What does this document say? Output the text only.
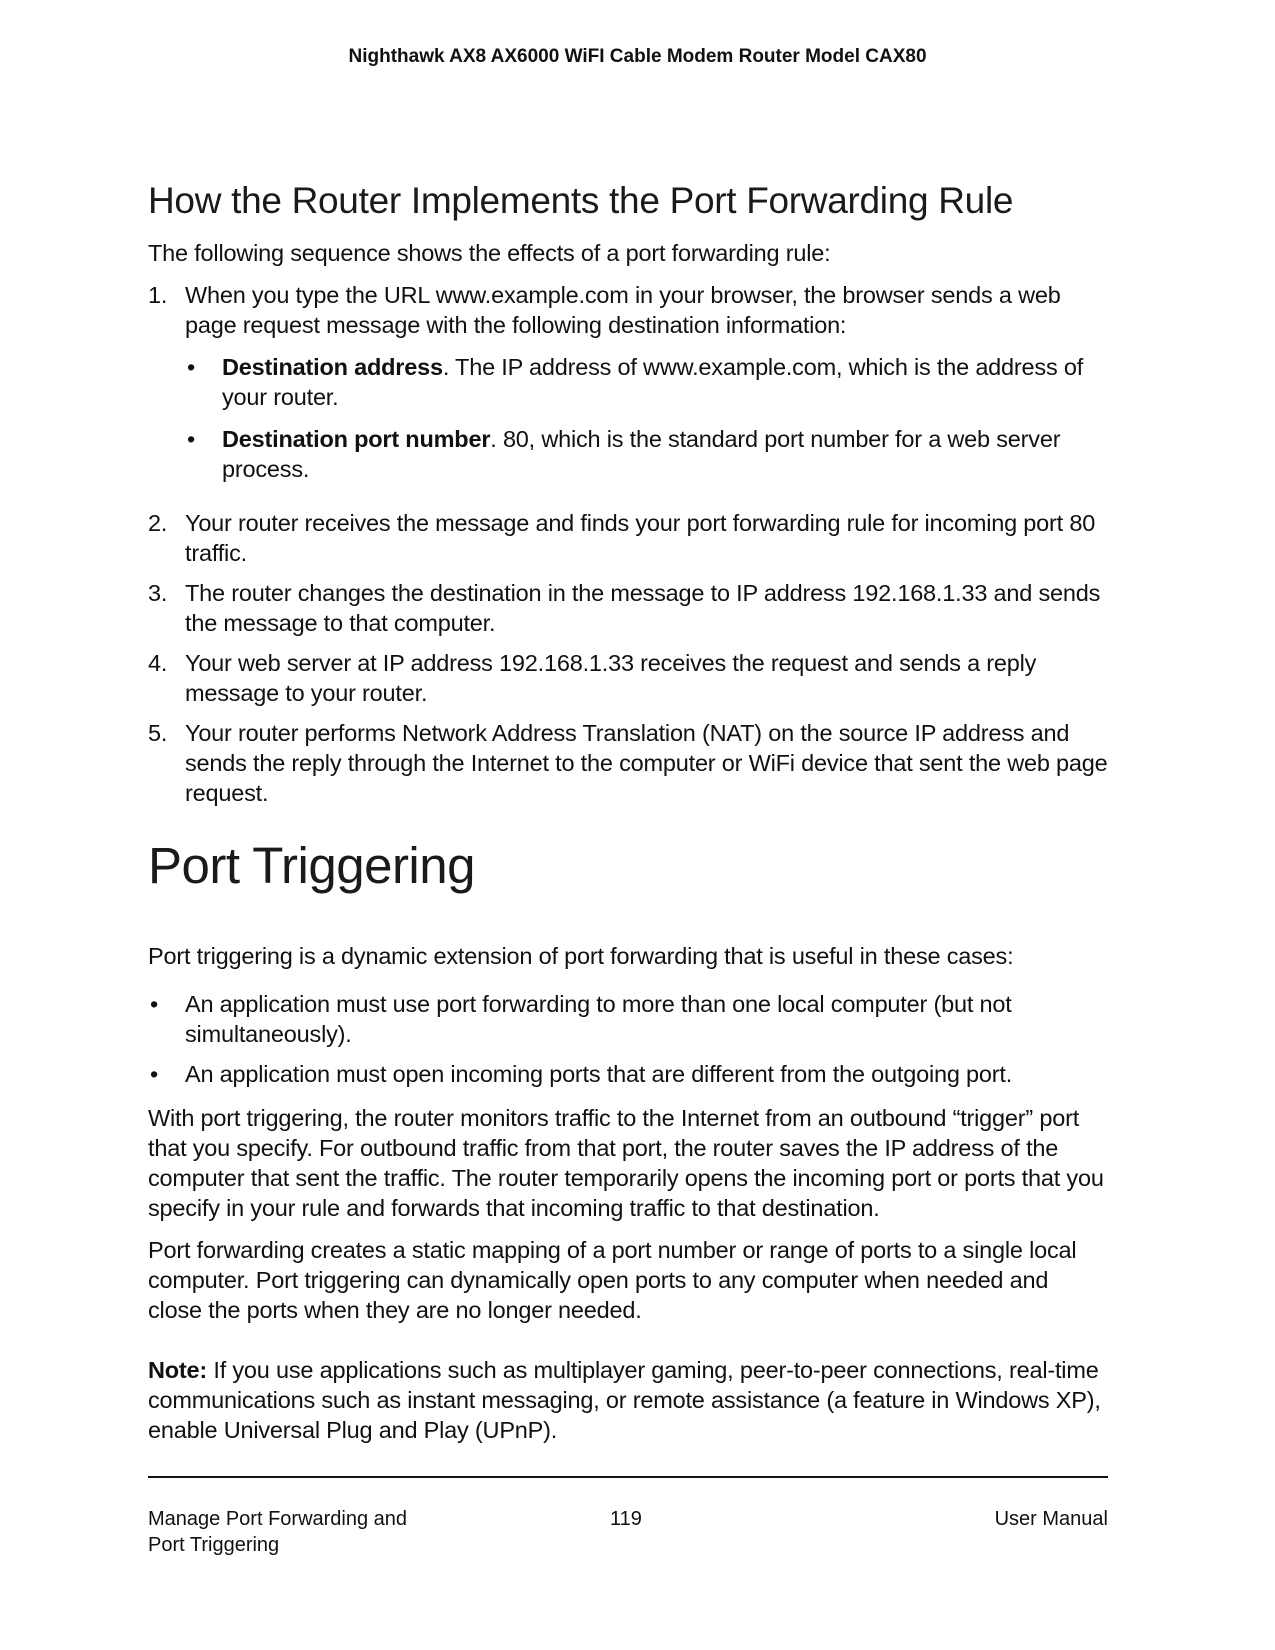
Nighthawk AX8 AX6000 WiFI Cable Modem Router Model CAX80
How the Router Implements the Port Forwarding Rule

The following sequence shows the effects of a port forwarding rule:

1. When you type the URL www.example.com in your browser, the browser sends a web page request message with the following destination information:
• Destination address. The IP address of www.example.com, which is the address of your router.
• Destination port number. 80, which is the standard port number for a web server process.
2. Your router receives the message and finds your port forwarding rule for incoming port 80 traffic.
3. The router changes the destination in the message to IP address 192.168.1.33 and sends the message to that computer.
4. Your web server at IP address 192.168.1.33 receives the request and sends a reply message to your router.
5. Your router performs Network Address Translation (NAT) on the source IP address and sends the reply through the Internet to the computer or WiFi device that sent the web page request.
Port Triggering

Port triggering is a dynamic extension of port forwarding that is useful in these cases:

• An application must use port forwarding to more than one local computer (but not simultaneously).
• An application must open incoming ports that are different from the outgoing port.

With port triggering, the router monitors traffic to the Internet from an outbound “trigger” port that you specify. For outbound traffic from that port, the router saves the IP address of the computer that sent the traffic. The router temporarily opens the incoming port or ports that you specify in your rule and forwards that incoming traffic to that destination.

Port forwarding creates a static mapping of a port number or range of ports to a single local computer. Port triggering can dynamically open ports to any computer when needed and close the ports when they are no longer needed.

Note: If you use applications such as multiplayer gaming, peer-to-peer connections, real-time communications such as instant messaging, or remote assistance (a feature in Windows XP), enable Universal Plug and Play (UPnP).

Manage Port Forwarding and
Port Triggering
119	User Manual
